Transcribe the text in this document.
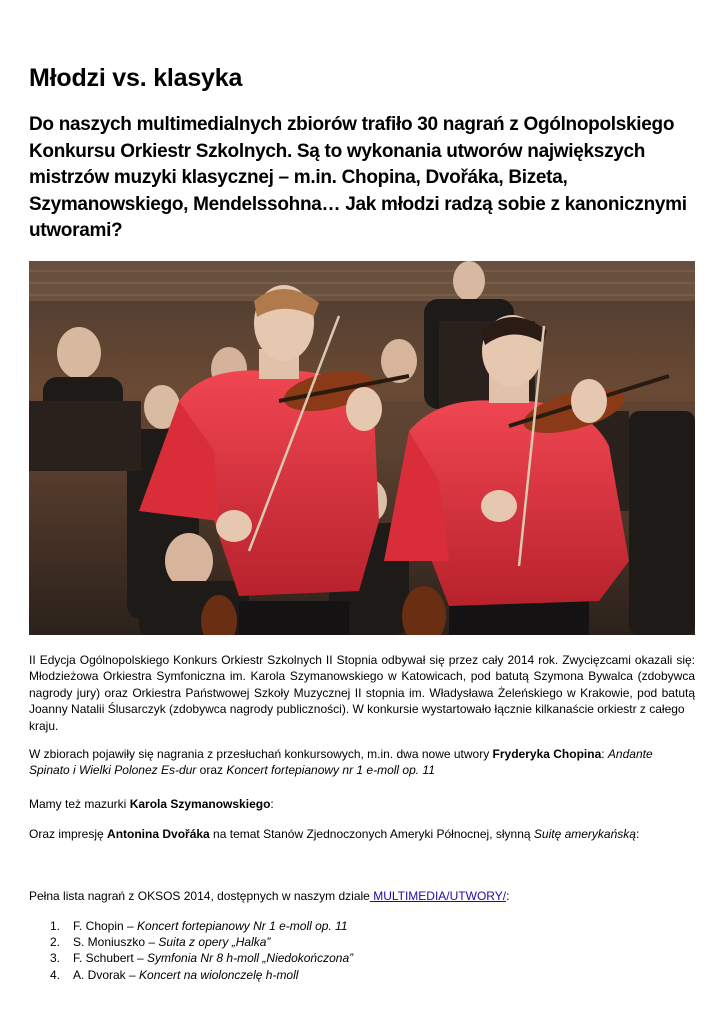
Młodzi vs. klasyka

Do naszych multimedialnych zbiorów trafiło 30 nagrań z Ogólnopolskiego Konkursu Orkiestr Szkolnych. Są to wykonania utworów największych mistrzów muzyki klasycznej – m.in. Chopina, Dvořáka, Bizeta, Szymanowskiego, Mendelssohna… Jak młodzi radzą sobie z kanonicznymi utworami?

II Edycja Ogólnopolskiego Konkurs Orkiestr Szkolnych II Stopnia odbywał się przez cały 2014 rok. Zwycięzcami okazali się: Młodzieżowa Orkiestra Symfoniczna im. Karola Szymanowskiego w Katowicach, pod batutą Szymona Bywalca (zdobywca nagrody jury) oraz Orkiestra Państwowej Szkoły Muzycznej II stopnia im. Władysława Żeleńskiego w Krakowie, pod batutą Joanny Natalii Ślusarczyk (zdobywca nagrody publiczności). W konkursie wystartowało łącznie kilkanaście orkiestr z całego
kraju.

W zbiorach pojawiły się nagrania z przesłuchań konkursowych, m.in. dwa nowe utwory Fryderyka Chopina: Andante Spinato i Wielki Polonez Es-dur oraz Koncert fortepianowy nr 1 e-moll op. 11

Mamy też mazurki Karola Szymanowskiego:

Oraz impresję Antonina Dvořáka na temat Stanów Zjednoczonych Ameryki Północnej, słynną Suitę amerykańską:

Pełna lista nagrań z OKSOS 2014, dostępnych w naszym dziale MULTIMEDIA/UTWORY/:

1. F. Chopin – Koncert fortepianowy Nr 1 e-moll op. 11
2. S. Moniuszko – Suita z opery „Halka”
3. F. Schubert – Symfonia Nr 8 h-moll „Niedokończona”
4. A. Dvorak – Koncert na wiolonczelę h-moll
